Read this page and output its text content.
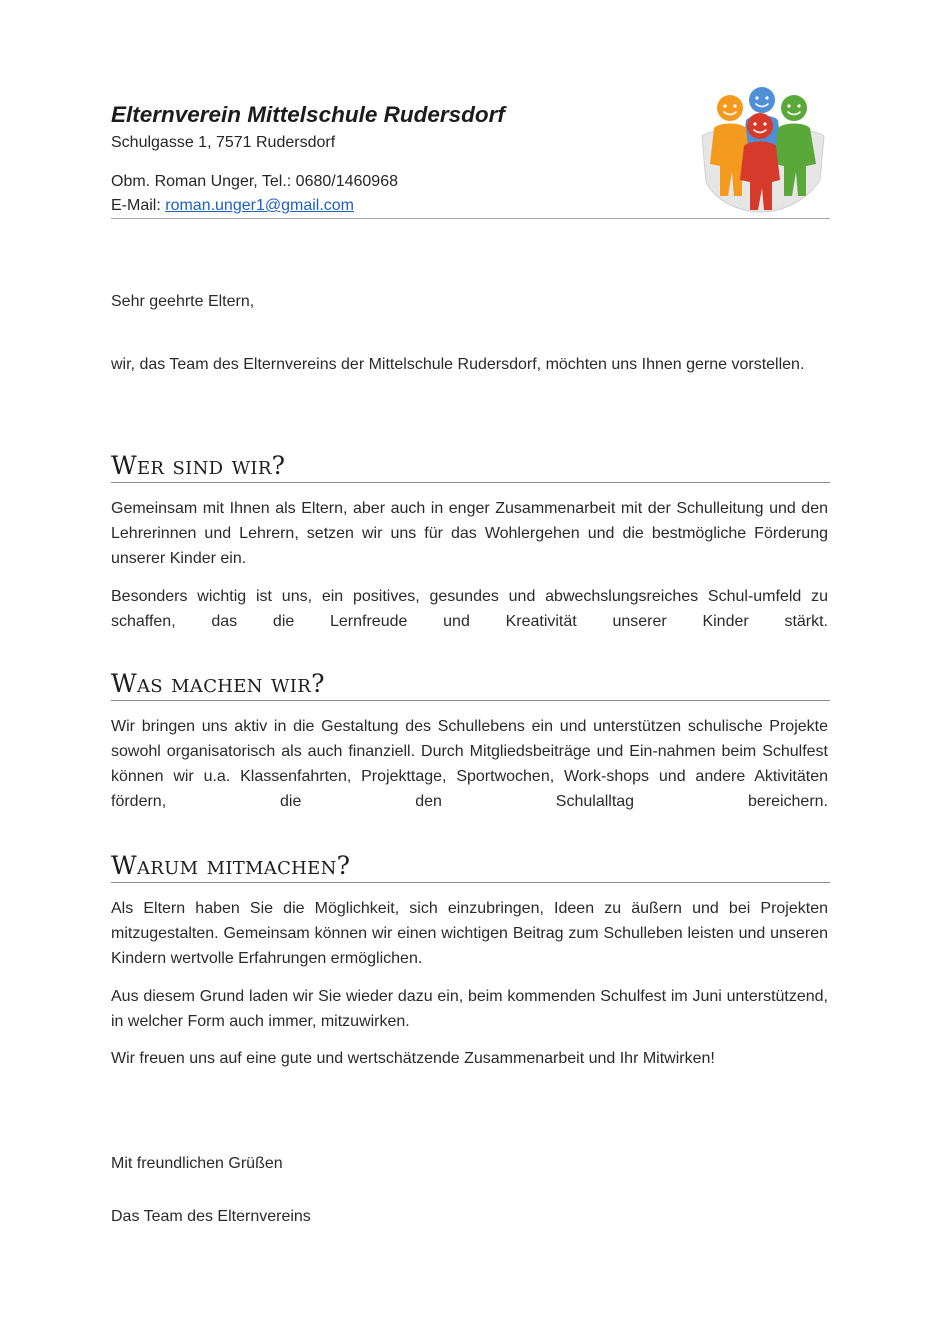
Elternverein Mittelschule Rudersdorf
Schulgasse 1, 7571 Rudersdorf
Obm. Roman Unger, Tel.: 0680/1460968
E-Mail: roman.unger1@gmail.com

Sehr geehrte Eltern,

wir, das Team des Elternvereins der Mittelschule Rudersdorf, möchten uns Ihnen gerne vorstellen.

Wer sind wir?

Gemeinsam mit Ihnen als Eltern, aber auch in enger Zusammenarbeit mit der Schulleitung und den Lehrerinnen und Lehrern, setzen wir uns für das Wohlergehen und die bestmögliche Förderung unserer Kinder ein.

Besonders wichtig ist uns, ein positives, gesundes und abwechslungsreiches Schul-umfeld zu schaffen, das die Lernfreude und Kreativität unserer Kinder stärkt.

Was machen wir?

Wir bringen uns aktiv in die Gestaltung des Schullebens ein und unterstützen schulische Projekte sowohl organisatorisch als auch finanziell. Durch Mitgliedsbeiträge und Ein-nahmen beim Schulfest können wir u.a. Klassenfahrten, Projekttage, Sportwochen, Work-shops und andere Aktivitäten fördern, die den Schulalltag bereichern.

Warum mitmachen?

Als Eltern haben Sie die Möglichkeit, sich einzubringen, Ideen zu äußern und bei Projekten mitzugestalten. Gemeinsam können wir einen wichtigen Beitrag zum Schulleben leisten und unseren Kindern wertvolle Erfahrungen ermöglichen.

Aus diesem Grund laden wir Sie wieder dazu ein, beim kommenden Schulfest im Juni unterstützend, in welcher Form auch immer, mitzuwirken.

Wir freuen uns auf eine gute und wertschätzende Zusammenarbeit und Ihr Mitwirken!

Mit freundlichen Grüßen

Das Team des Elternvereins
